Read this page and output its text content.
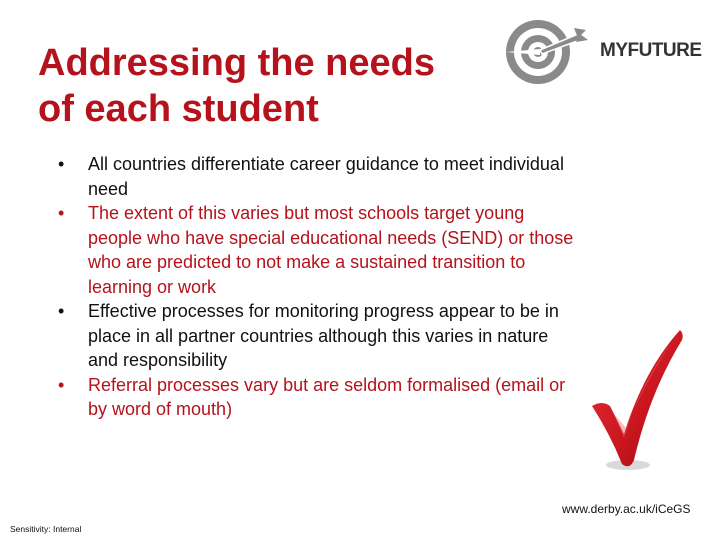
Addressing the needs
of each student
MYFUTURE
• All countries differentiate career guidance to meet individual need
• The extent of this varies but most schools target young people who have special educational needs (SEND) or those who are predicted to not make a sustained transition to learning or work
• Effective processes for monitoring progress appear to be in place in all partner countries although this varies in nature and responsibility
• Referral processes vary but are seldom formalised (email or by word of mouth)
www.derby.ac.uk/iCeGS
Sensitivity: Internal
